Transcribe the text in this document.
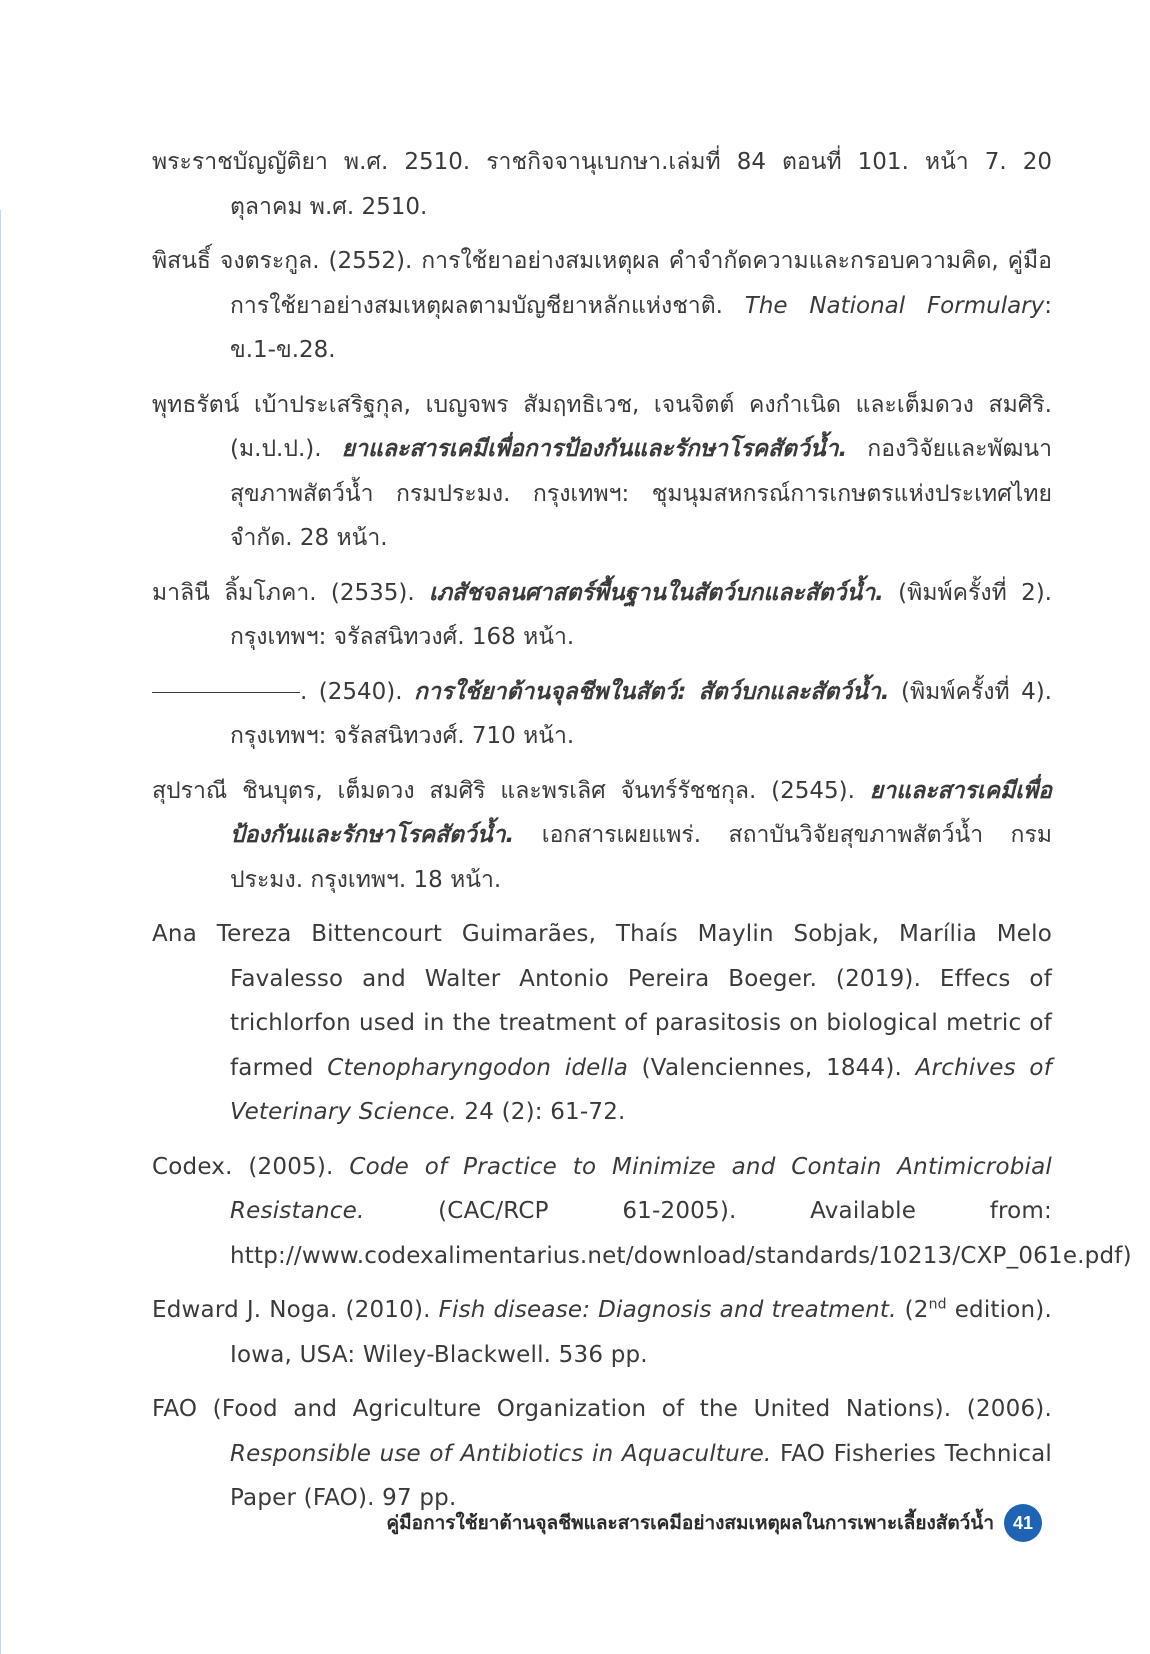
พระราชบัญญัติยา พ.ศ. 2510. ราชกิจจานุเบกษา.เล่มที่ 84 ตอนที่ 101. หน้า 7. 20 ตุลาคม พ.ศ. 2510.

พิสนธิ์ จงตระกูล. (2552). การใช้ยาอย่างสมเหตุผล คำจำกัดความและกรอบความคิด, คู่มือการใช้ยาอย่างสมเหตุผลตามบัญชียาหลักแห่งชาติ. The National Formulary: ข.1-ข.28.

พุทธรัตน์ เบ้าประเสริฐกุล, เบญจพร สัมฤทธิเวช, เจนจิตต์ คงกำเนิด และเต็มดวง สมศิริ. (ม.ป.ป.). ยาและสารเคมีเพื่อการป้องกันและรักษาโรคสัตว์น้ำ. กองวิจัยและพัฒนาสุขภาพสัตว์น้ำ กรมประมง. กรุงเทพฯ: ชุมนุมสหกรณ์การเกษตรแห่งประเทศไทย จำกัด. 28 หน้า.

มาลินี ลิ้มโภคา. (2535). เภสัชจลนศาสตร์พื้นฐานในสัตว์บกและสัตว์น้ำ. (พิมพ์ครั้งที่ 2). กรุงเทพฯ: จรัลสนิทวงศ์. 168 หน้า.

. (2540). การใช้ยาต้านจุลชีพในสัตว์: สัตว์บกและสัตว์น้ำ. (พิมพ์ครั้งที่ 4). กรุงเทพฯ: จรัลสนิทวงศ์. 710 หน้า.

สุปราณี ชินบุตร, เต็มดวง สมศิริ และพรเลิศ จันทร์รัชชกุล. (2545). ยาและสารเคมีเพื่อป้องกันและรักษาโรคสัตว์น้ำ. เอกสารเผยแพร่. สถาบันวิจัยสุขภาพสัตว์น้ำ กรมประมง. กรุงเทพฯ. 18 หน้า.

Ana Tereza Bittencourt Guimarães, Thaís Maylin Sobjak, Marília Melo Favalesso and Walter Antonio Pereira Boeger. (2019). Effecs of trichlorfon used in the treatment of parasitosis on biological metric of farmed Ctenopharyngodon idella (Valenciennes, 1844). Archives of Veterinary Science. 24 (2): 61-72.

Codex. (2005). Code of Practice to Minimize and Contain Antimicrobial Resistance. (CAC/RCP 61-2005). Available from: http://www.codexalimentarius.net/download/standards/10213/CXP_061e.pdf)

Edward J. Noga. (2010). Fish disease: Diagnosis and treatment. (2nd edition). Iowa, USA: Wiley-Blackwell. 536 pp.

FAO (Food and Agriculture Organization of the United Nations). (2006). Responsible use of Antibiotics in Aquaculture. FAO Fisheries Technical Paper (FAO). 97 pp.

คู่มือการใช้ยาต้านจุลชีพและสารเคมีอย่างสมเหตุผลในการเพาะเลี้ยงสัตว์น้ำ	41
